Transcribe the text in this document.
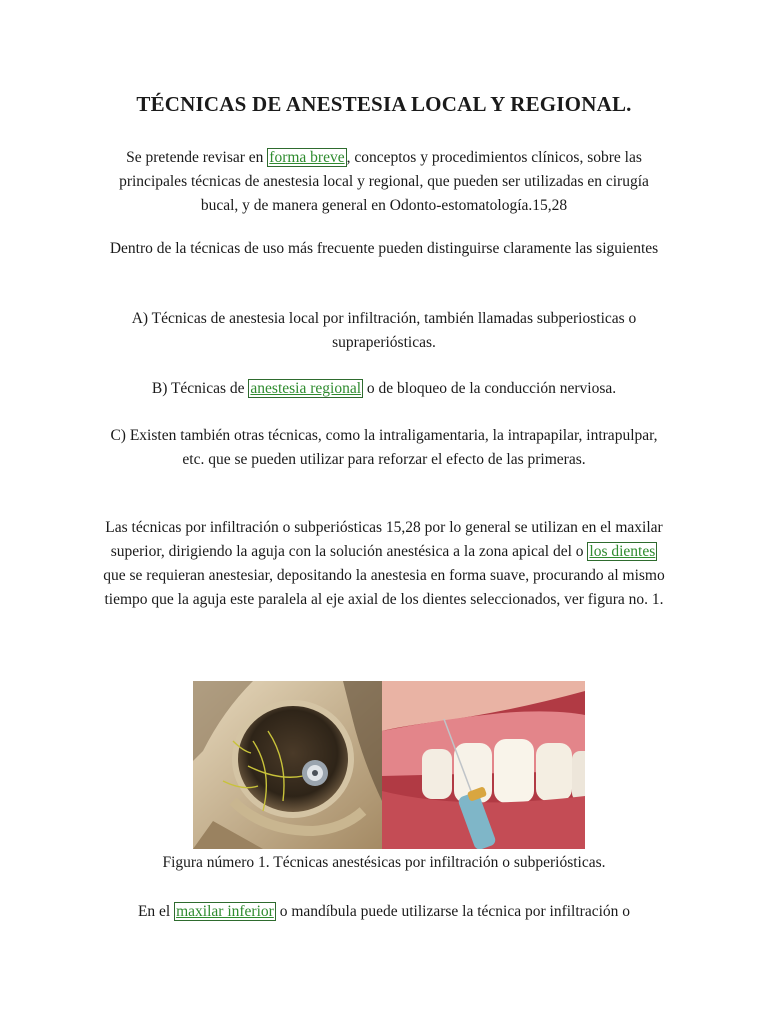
TÉCNICAS DE ANESTESIA LOCAL Y REGIONAL.

Se pretende revisar en forma breve , conceptos y procedimientos clínicos, sobre las principales técnicas de anestesia local y regional, que pueden ser utilizadas en cirugía bucal, y de manera general en Odonto-estomatología.15,28

Dentro de la técnicas de uso más frecuente pueden distinguirse claramente las siguientes

A) Técnicas de anestesia local por infiltración, también llamadas subperiosticas o supraperiósticas.

B) Técnicas de anestesia regional o de bloqueo de la conducción nerviosa.

C) Existen también otras técnicas, como la intraligamentaria, la intrapapilar, intrapulpar, etc. que se pueden utilizar para reforzar el efecto de las primeras.

Las técnicas por infiltración o subperiósticas 15,28 por lo general se utilizan en el maxilar superior, dirigiendo la aguja con la solución anestésica a la zona apical del o los dientes que se requieran anestesiar, depositando la anestesia en forma suave, procurando al mismo tiempo que la aguja este paralela al eje axial de los dientes seleccionados, ver figura no. 1.

Figura número 1. Técnicas anestésicas por infiltración o subperiósticas.

En el maxilar inferior o mandíbula puede utilizarse la técnica por infiltración o
